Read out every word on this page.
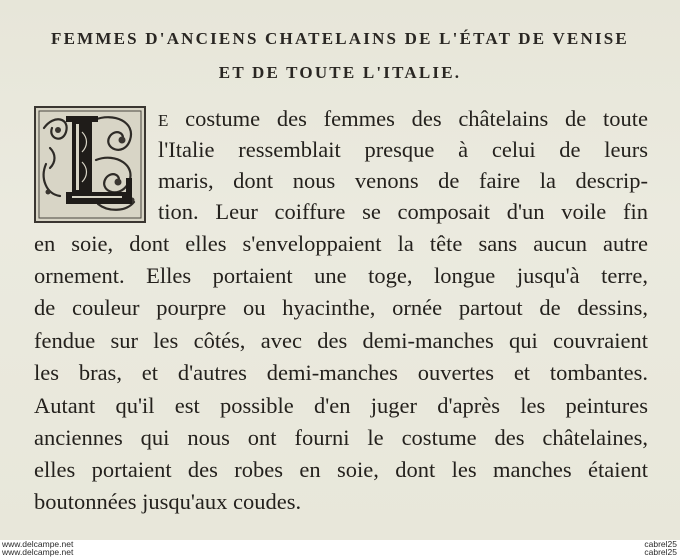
FEMMES D'ANCIENS CHATELAINS DE L'ÉTAT DE VENISE
ET DE TOUTE L'ITALIE.
E costume des femmes des châtelains de toute
l'Italie ressemblait presque à celui de leurs
maris, dont nous venons de faire la descrip-
tion. Leur coiffure se composait d'un voile fin
en soie, dont elles s'enveloppaient la tête sans aucun autre
ornement. Elles portaient une toge, longue jusqu'à terre,
de couleur pourpre ou hyacinthe, ornée partout de dessins,
fendue sur les côtés, avec des demi-manches qui couvraient
les bras, et d'autres demi-manches ouvertes et tombantes.
Autant qu'il est possible d'en juger d'après les peintures
anciennes qui nous ont fourni le costume des châtelaines,
elles portaient des robes en soie, dont les manches étaient
boutonnées jusqu'aux coudes.
www.delcampe.net
www.delcampe.net
cabrel25
cabrel25
